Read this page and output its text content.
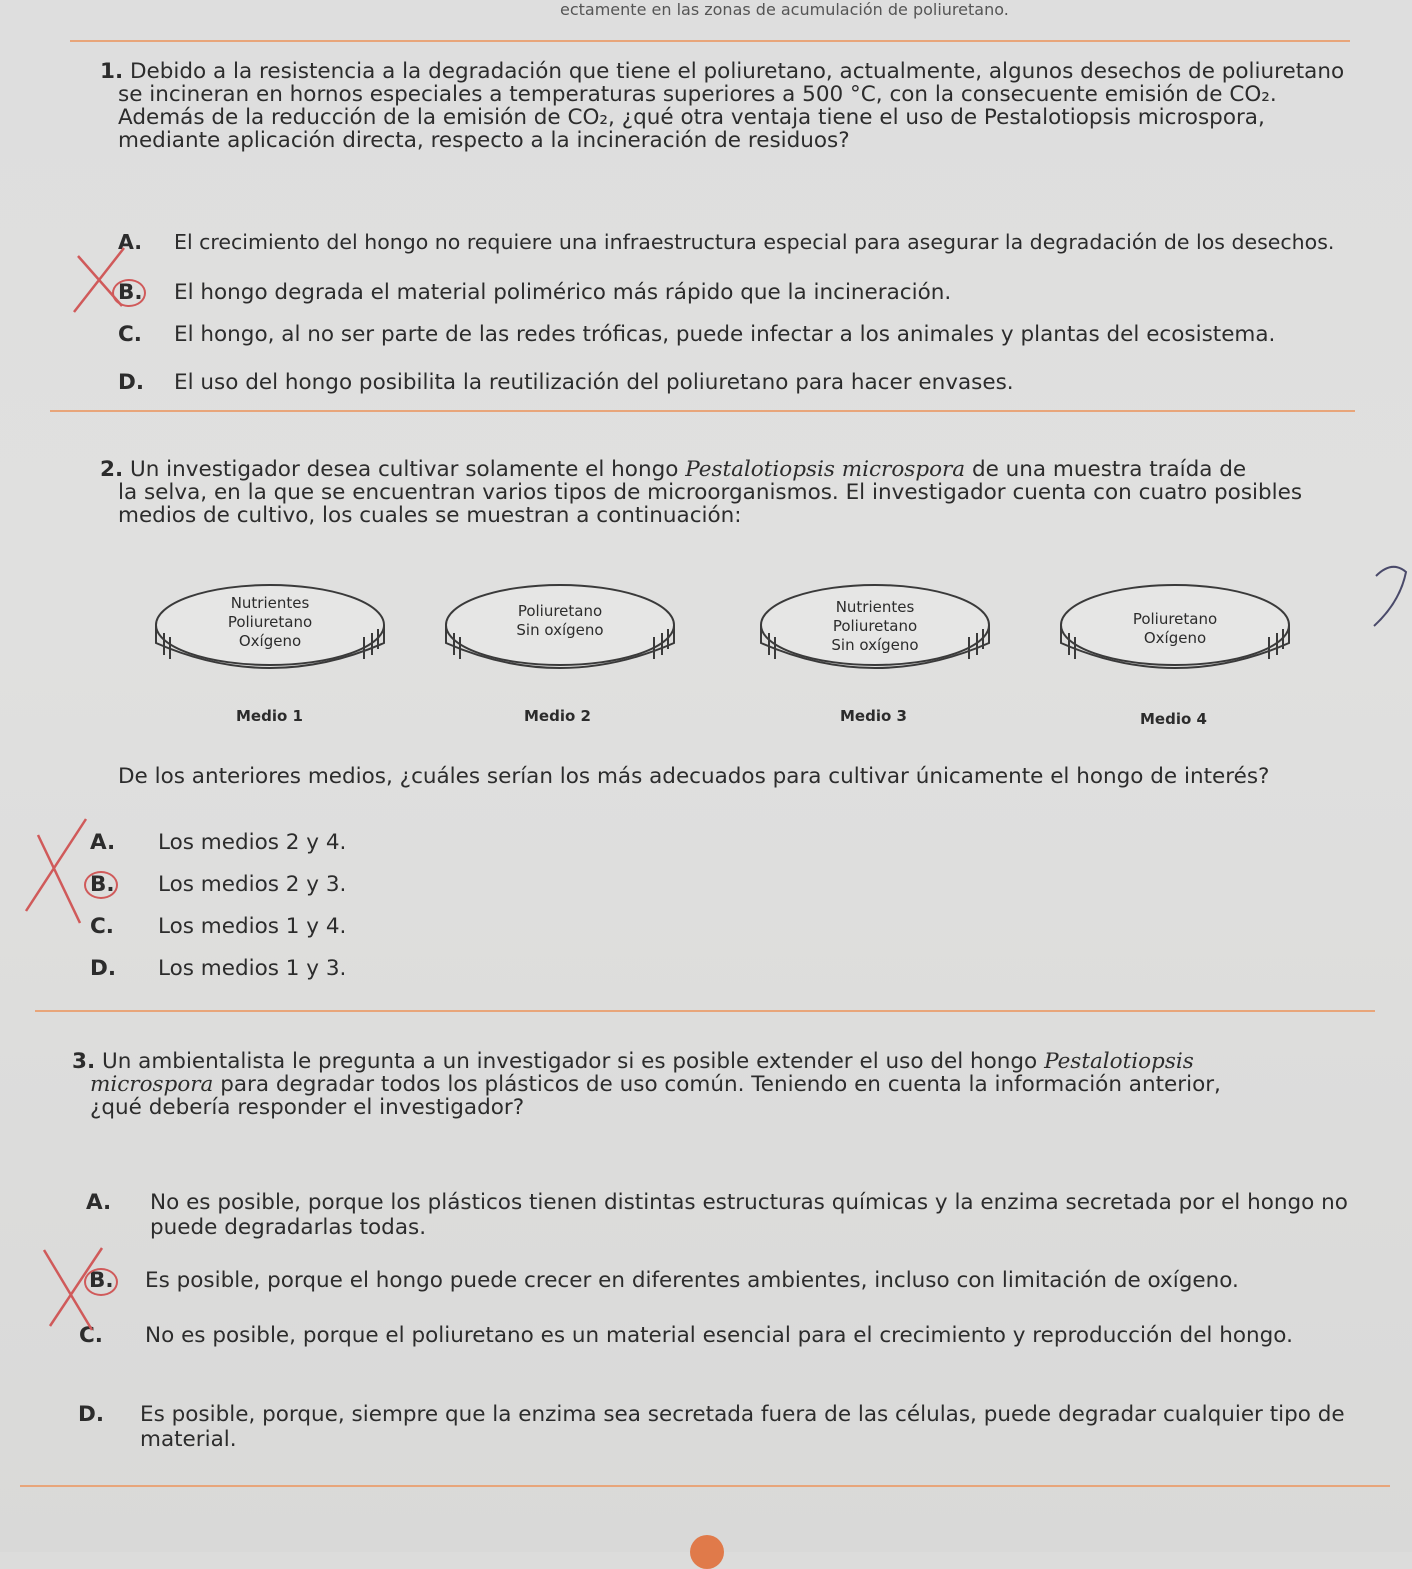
ectamente en las zonas de acumulación de poliuretano.
1. Debido a la resistencia a la degradación que tiene el poliuretano, actualmente, algunos desechos de poliuretano
se incineran en hornos especiales a temperaturas superiores a 500 °C, con la consecuente emisión de CO₂.
Además de la reducción de la emisión de CO₂, ¿qué otra ventaja tiene el uso de Pestalotiopsis microspora,
mediante aplicación directa, respecto a la incineración de residuos?
A. El crecimiento del hongo no requiere una infraestructura especial para asegurar la degradación de los desechos.
B. El hongo degrada el material polimérico más rápido que la incineración.
C. El hongo, al no ser parte de las redes tróficas, puede infectar a los animales y plantas del ecosistema.
D. El uso del hongo posibilita la reutilización del poliuretano para hacer envases.
2. Un investigador desea cultivar solamente el hongo Pestalotiopsis microspora de una muestra traída de
la selva, en la que se encuentran varios tipos de microorganismos. El investigador cuenta con cuatro posibles
medios de cultivo, los cuales se muestran a continuación:
Nutrientes
Poliuretano
Oxígeno
Medio 1
Poliuretano
Sin oxígeno
Medio 2
Nutrientes
Poliuretano
Sin oxígeno
Medio 3
Poliuretano
Oxígeno
Medio 4
De los anteriores medios, ¿cuáles serían los más adecuados para cultivar únicamente el hongo de interés?
A. Los medios 2 y 4.
B. Los medios 2 y 3.
C. Los medios 1 y 4.
D. Los medios 1 y 3.
3. Un ambientalista le pregunta a un investigador si es posible extender el uso del hongo Pestalotiopsis
microspora para degradar todos los plásticos de uso común. Teniendo en cuenta la información anterior,
¿qué debería responder el investigador?
A. No es posible, porque los plásticos tienen distintas estructuras químicas y la enzima secretada por el hongo no puede degradarlas todas.
B. Es posible, porque el hongo puede crecer en diferentes ambientes, incluso con limitación de oxígeno.
C. No es posible, porque el poliuretano es un material esencial para el crecimiento y reproducción del hongo.
D. Es posible, porque, siempre que la enzima sea secretada fuera de las células, puede degradar cualquier tipo de material.
